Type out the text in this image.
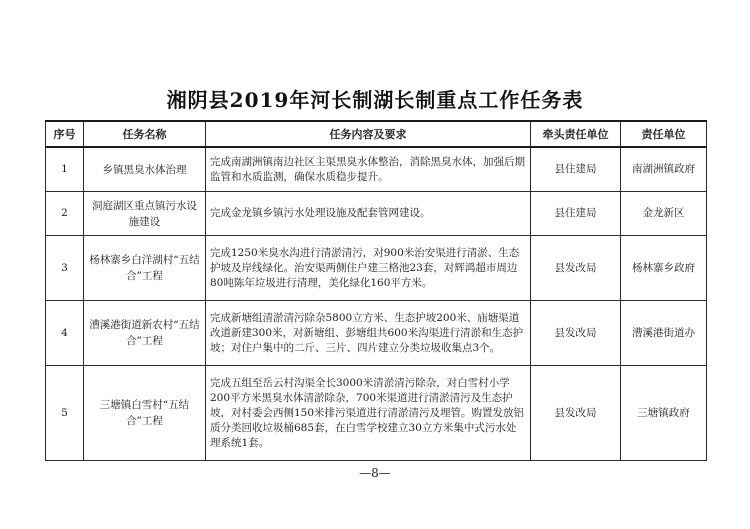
湘阴县2019年河长制湖长制重点工作任务表
序号	任务名称	任务内容及要求	牵头责任单位	责任单位
1	乡镇黑臭水体治理	完成南湖洲镇南边社区主渠黑臭水体整治，消除黑臭水体，加强后期监管和水质监测，确保水质稳步提升。	县住建局	南湖洲镇政府
2	洞庭湖区重点镇污水设施建设	完成金龙镇乡镇污水处理设施及配套管网建设。	县住建局	金龙新区
3	杨林寨乡白洋湖村“五结合”工程	完成1250米臭水沟进行清淤清污，对900米治安渠进行清淤、生态护坡及岸线绿化。治安渠两侧住户建三格池23套，对辉鸿超市周边80吨陈年垃圾进行清理，美化绿化160平方米。	县发改局	杨林寨乡政府
4	漕溪港街道新农村“五结合”工程	完成新塘组清淤清污除杂5800立方米、生态护坡200米、庙塘渠道改道新建300米，对新塘组、彭塘组共600米沟渠进行清淤和生态护坡；对住户集中的二斤、三片、四片建立分类垃圾收集点3个。	县发改局	漕溪港街道办
5	三塘镇白雪村“五结合”工程	完成五组至岳云村沟渠全长3000米清淤清污除杂，对白雪村小学200平方米黑臭水体清淤除杂，700米渠道进行清淤清污及生态护坡，对村委会西侧150米排污渠道进行清淤清污及埋管。购置发放铝质分类回收垃圾桶685套，在白雪学校建立30立方米集中式污水处理系统1套。	县发改局	三塘镇政府
—8—
